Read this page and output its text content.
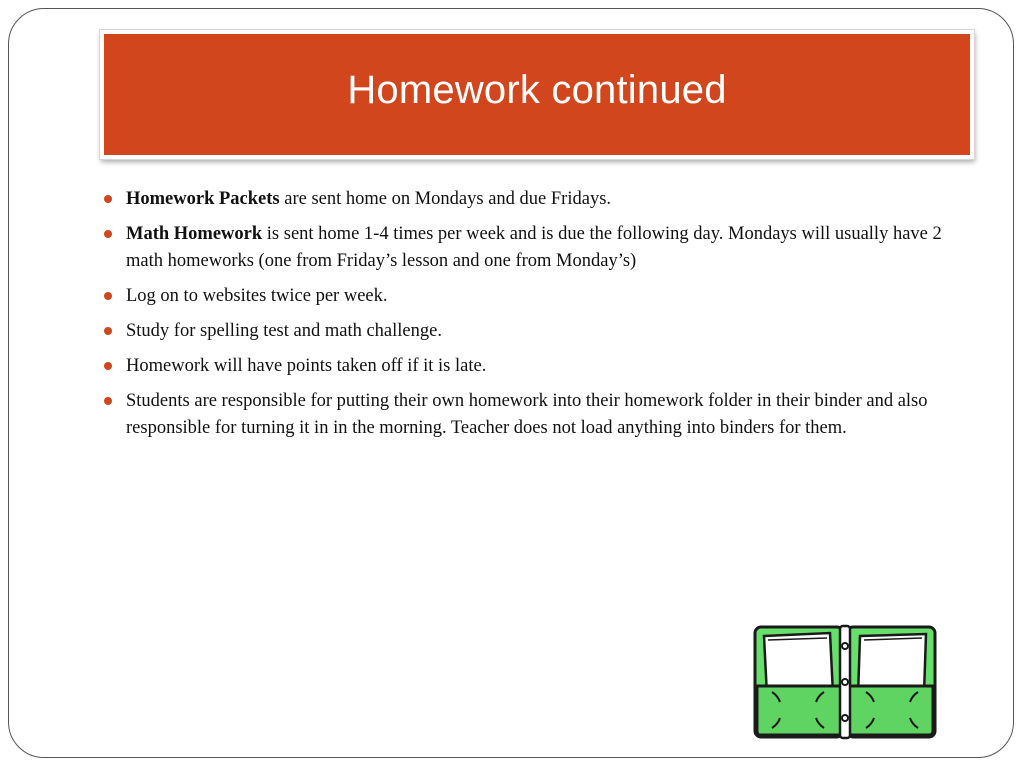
Homework continued
Homework Packets are sent home on Mondays and due Fridays.
Math Homework is sent home 1-4 times per week and is due the following day. Mondays will usually have 2 math homeworks (one from Friday’s lesson and one from Monday’s)
Log on to websites twice per week.
Study for spelling test and math challenge.
Homework will have points taken off if it is late.
Students are responsible for putting their own homework into their homework folder in their binder and also responsible for turning it in in the morning. Teacher does not load anything into binders for them.
